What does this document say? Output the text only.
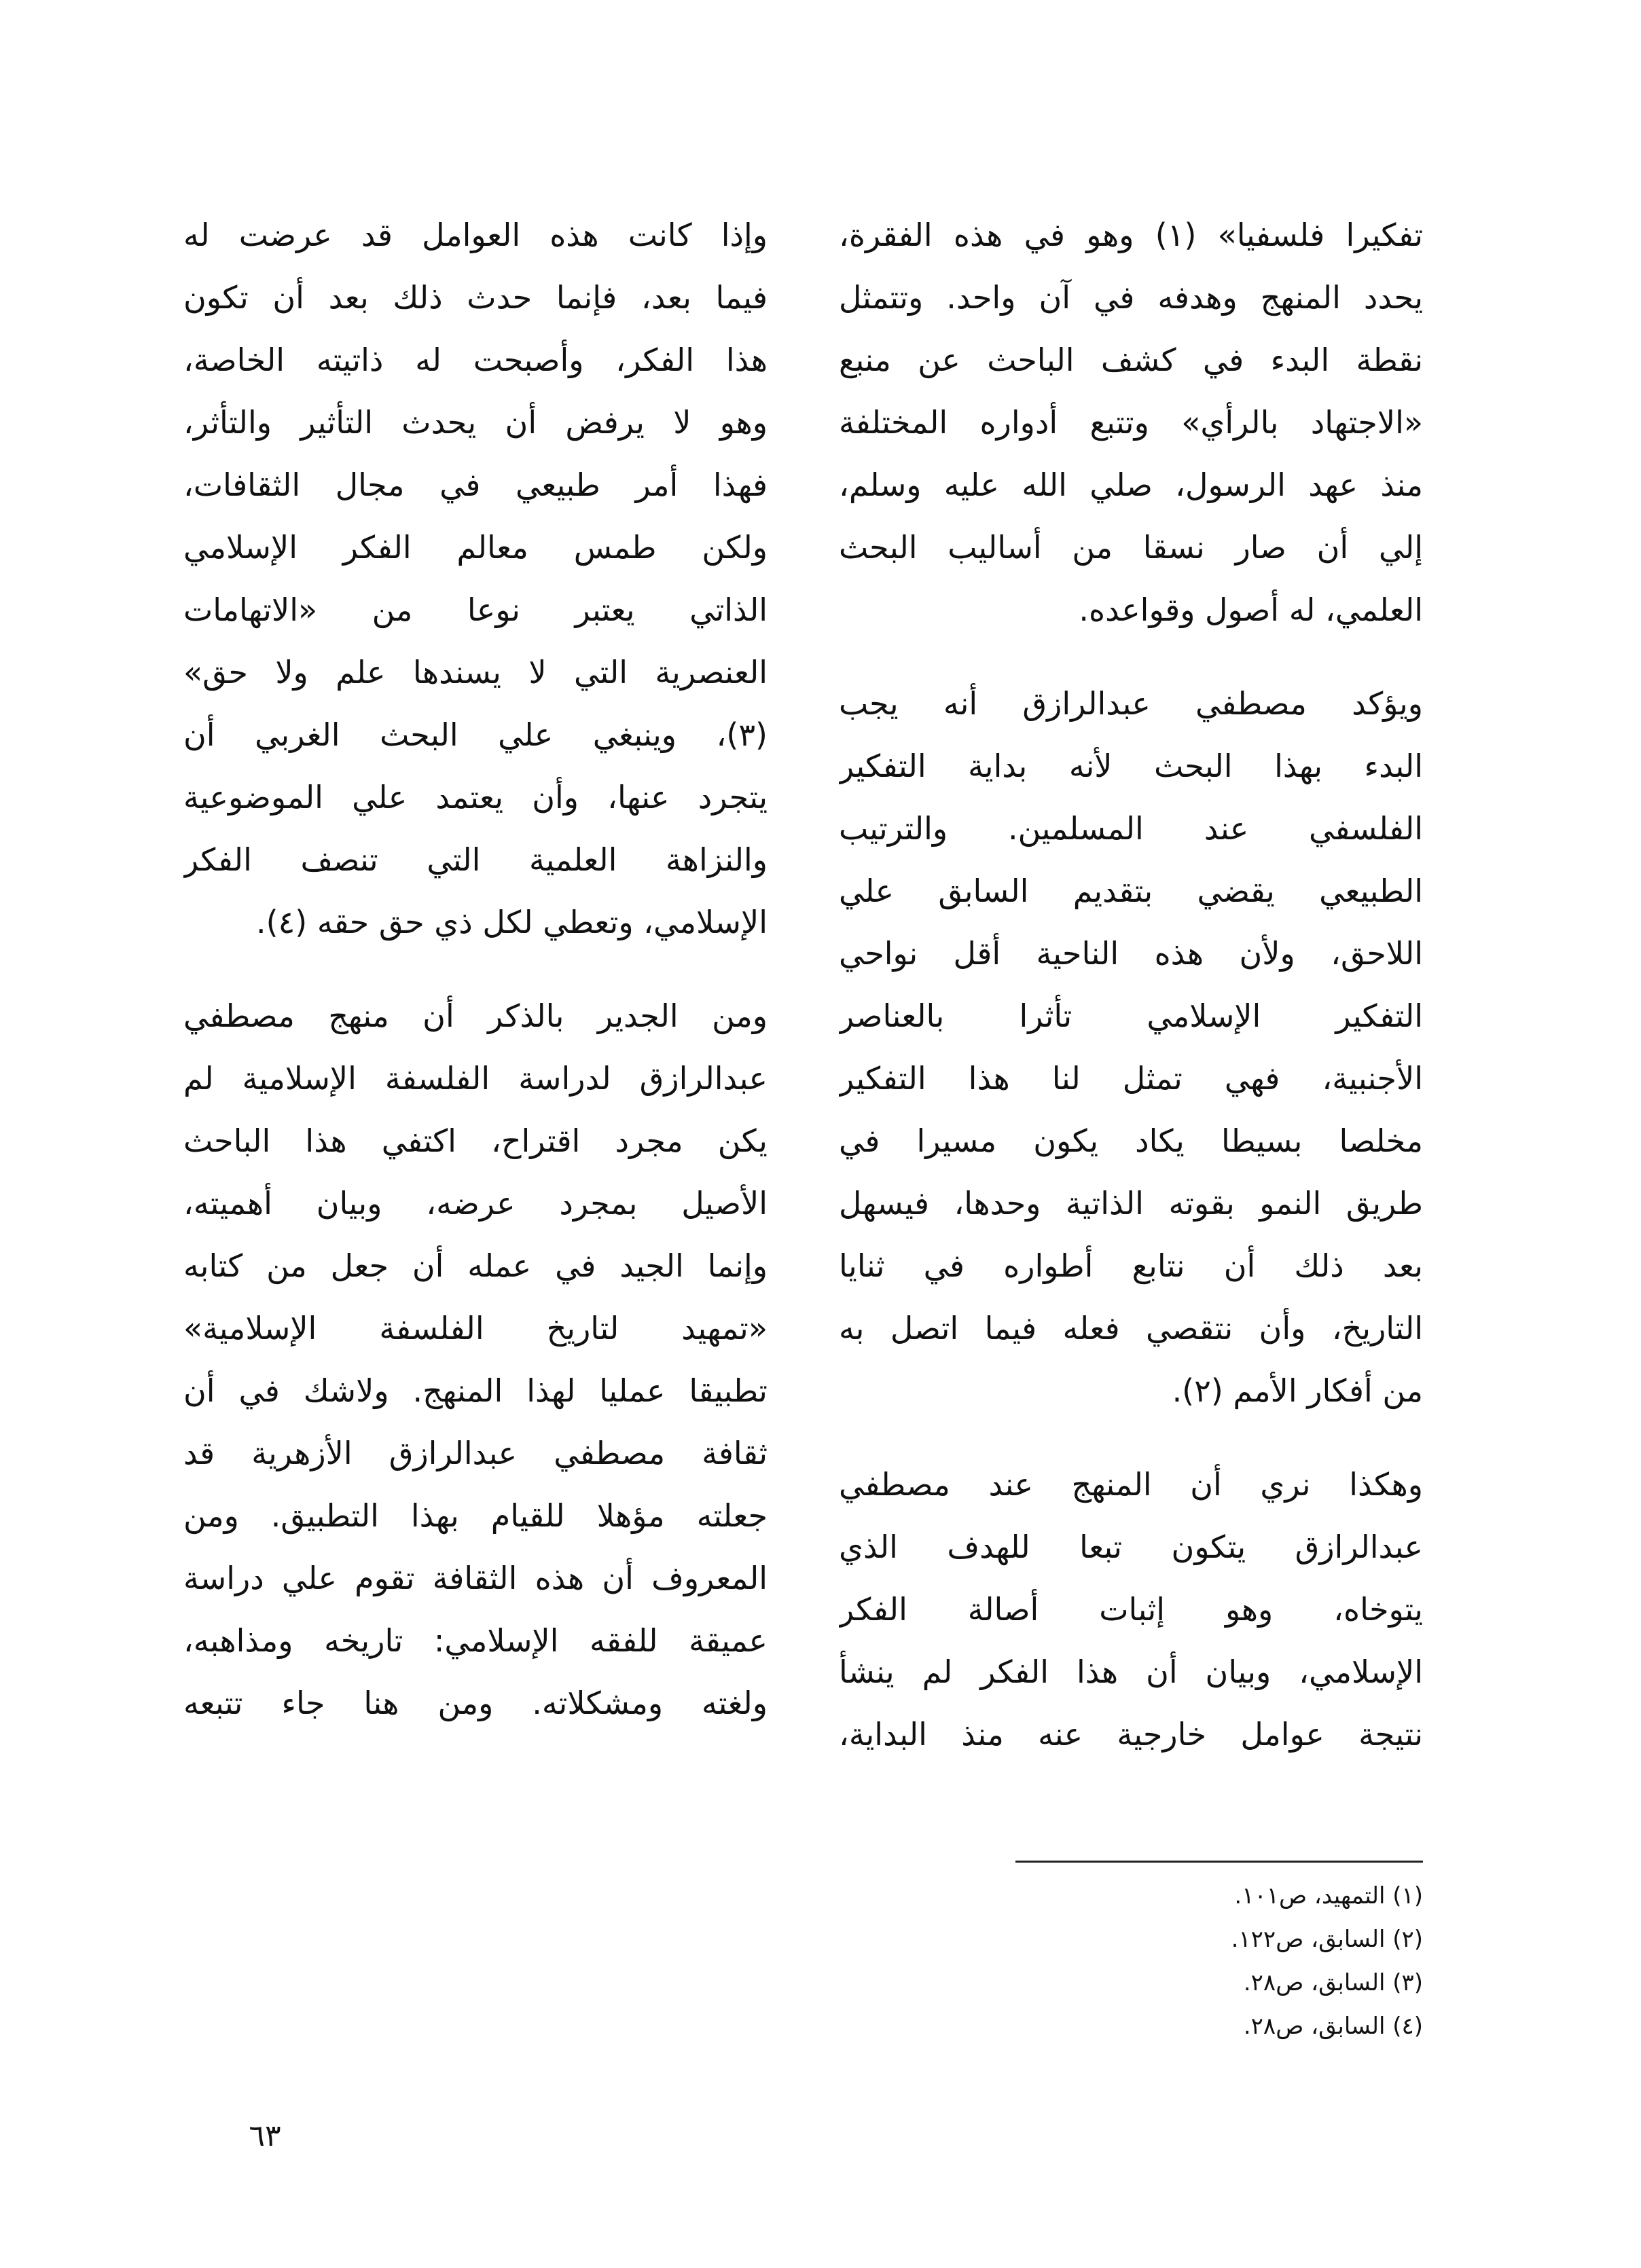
تفكيرا فلسفيا» (١) وهو في هذه الفقرة،
يحدد المنهج وهدفه في آن واحد. وتتمثل
نقطة البدء في كشف الباحث عن منبع
«الاجتهاد بالرأي» وتتبع أدواره المختلفة
منذ عهد الرسول، صلي الله عليه وسلم،
إلي أن صار نسقا من أساليب البحث
العلمي، له أصول وقواعده.
ويؤكد مصطفي عبدالرازق أنه يجب
البدء بهذا البحث لأنه بداية التفكير
الفلسفي عند المسلمين. والترتيب
الطبيعي يقضي بتقديم السابق علي
اللاحق، ولأن هذه الناحية أقل نواحي
التفكير الإسلامي تأثرا بالعناصر
الأجنبية، فهي تمثل لنا هذا التفكير
مخلصا بسيطا يكاد يكون مسيرا في
طريق النمو بقوته الذاتية وحدها، فيسهل
بعد ذلك أن نتابع أطواره في ثنايا
التاريخ، وأن نتقصي فعله فيما اتصل به
من أفكار الأمم (٢).
وهكذا نري أن المنهج عند مصطفي
عبدالرازق يتكون تبعا للهدف الذي
يتوخاه، وهو إثبات أصالة الفكر
الإسلامي، وبيان أن هذا الفكر لم ينشأ
نتيجة عوامل خارجية عنه منذ البداية،
وإذا كانت هذه العوامل قد عرضت له
فيما بعد، فإنما حدث ذلك بعد أن تكون
هذا الفكر، وأصبحت له ذاتيته الخاصة،
وهو لا يرفض أن يحدث التأثير والتأثر،
فهذا أمر طبيعي في مجال الثقافات،
ولكن طمس معالم الفكر الإسلامي
الذاتي يعتبر نوعا من «الاتهامات
العنصرية التي لا يسندها علم ولا حق»
(٣)، وينبغي علي البحث الغربي أن
يتجرد عنها، وأن يعتمد علي الموضوعية
والنزاهة العلمية التي تنصف الفكر
الإسلامي، وتعطي لكل ذي حق حقه (٤).
ومن الجدير بالذكر أن منهج مصطفي
عبدالرازق لدراسة الفلسفة الإسلامية لم
يكن مجرد اقتراح، اكتفي هذا الباحث
الأصيل بمجرد عرضه، وبيان أهميته،
وإنما الجيد في عمله أن جعل من كتابه
«تمهيد لتاريخ الفلسفة الإسلامية»
تطبيقا عمليا لهذا المنهج. ولاشك في أن
ثقافة مصطفي عبدالرازق الأزهرية قد
جعلته مؤهلا للقيام بهذا التطبيق. ومن
المعروف أن هذه الثقافة تقوم علي دراسة
عميقة للفقه الإسلامي: تاريخه ومذاهبه،
ولغته ومشكلاته. ومن هنا جاء تتبعه
(١) التمهيد، ص١٠١.
(٢) السابق، ص١٢٢.
(٣) السابق، ص٢٨.
(٤) السابق، ص٢٨.
٦٣
